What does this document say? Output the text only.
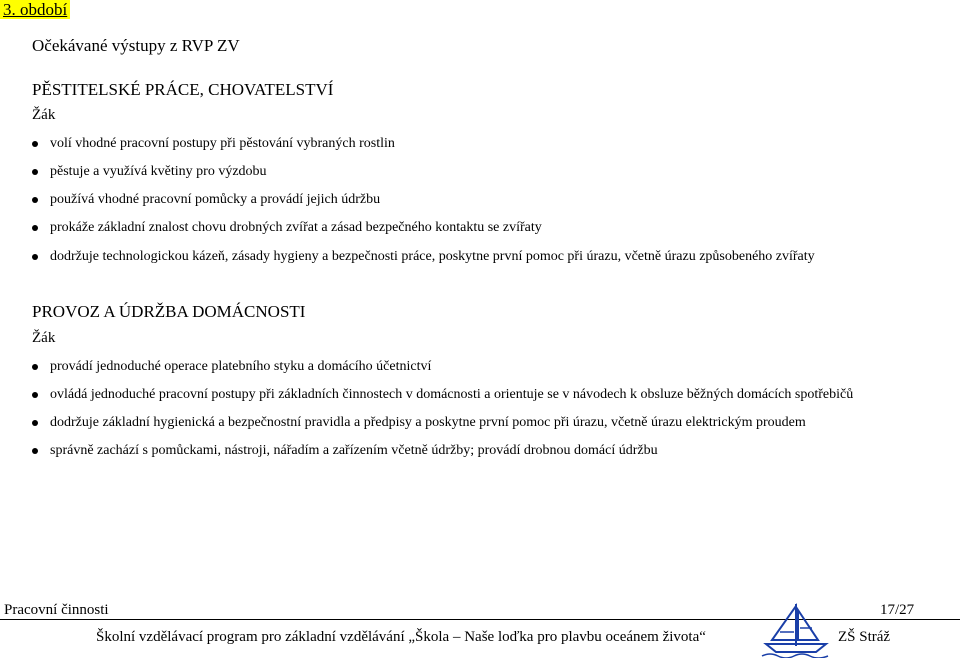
3. období
Očekávané výstupy z RVP ZV
PĚSTITELSKÉ PRÁCE, CHOVATELSTVÍ
Žák
volí vhodné pracovní postupy při pěstování vybraných rostlin
pěstuje a využívá květiny pro výzdobu
používá vhodné pracovní pomůcky a provádí jejich údržbu
prokáže základní znalost chovu drobných zvířat a zásad bezpečného kontaktu se zvířaty
dodržuje technologickou kázeň, zásady hygieny a bezpečnosti práce, poskytne první pomoc při úrazu, včetně úrazu způsobeného zvířaty
PROVOZ A ÚDRŽBA DOMÁCNOSTI
Žák
provádí jednoduché operace platebního styku a domácího účetnictví
ovládá jednoduché pracovní postupy při základních činnostech v domácnosti a orientuje se v návodech k obsluze běžných domácích spotřebičů
dodržuje základní hygienická a bezpečnostní pravidla a předpisy a poskytne první pomoc při úrazu, včetně úrazu elektrickým proudem
správně zachází s pomůckami, nástroji, nářadím a zařízením včetně údržby; provádí drobnou domácí údržbu
Pracovní činnosti	17/27
Školní vzdělávací program pro základní vzdělávání „Škola – Naše loďka pro plavbu oceánem života“	ZŠ Stráž
